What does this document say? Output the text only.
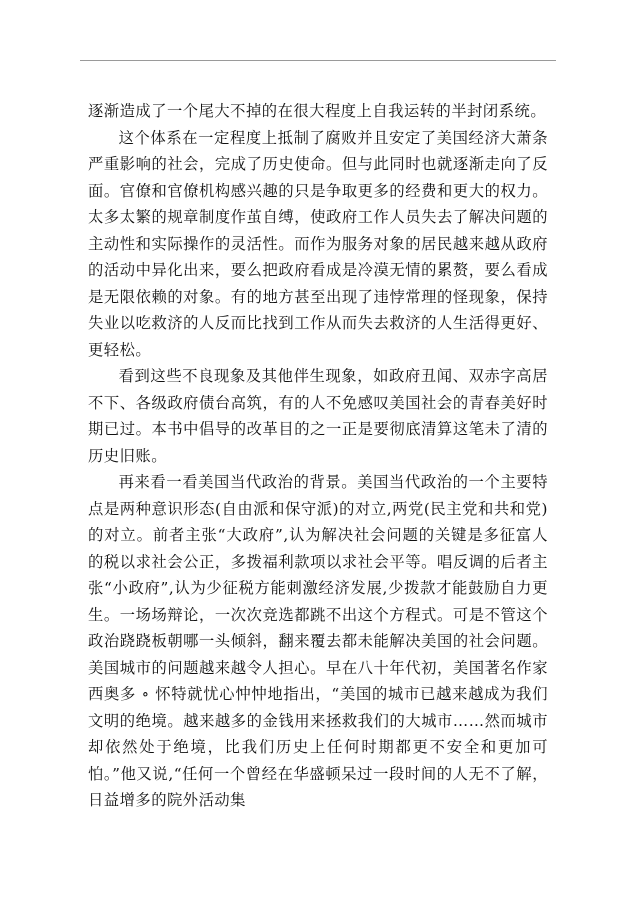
逐渐造成了一个尾大不掉的在很大程度上自我运转的半封闭系统。

这个体系在一定程度上抵制了腐败并且安定了美国经济大萧条严重影响的社会，完成了历史使命。但与此同时也就逐渐走向了反面。官僚和官僚机构感兴趣的只是争取更多的经费和更大的权力。太多太繁的规章制度作茧自缚，使政府工作人员失去了解决问题的主动性和实际操作的灵活性。而作为服务对象的居民越来越从政府的活动中异化出来，要么把政府看成是冷漠无情的累赘，要么看成是无限依赖的对象。有的地方甚至出现了违悖常理的怪现象，保持失业以吃救济的人反而比找到工作从而失去救济的人生活得更好、更轻松。

看到这些不良现象及其他伴生现象，如政府丑闻、双赤字高居不下、各级政府债台高筑，有的人不免感叹美国社会的青春美好时期已过。本书中倡导的改革目的之一正是要彻底清算这笔未了清的历史旧账。

再来看一看美国当代政治的背景。美国当代政治的一个主要特点是两种意识形态(自由派和保守派)的对立,两党(民主党和共和党)的对立。前者主张“大政府”,认为解决社会问题的关键是多征富人的税以求社会公正，多拨福利款项以求社会平等。唱反调的后者主张“小政府”,认为少征税方能刺激经济发展,少拨款才能鼓励自力更生。一场场辩论，一次次竞选都跳不出这个方程式。可是不管这个政治跷跷板朝哪一头倾斜，翻来覆去都未能解决美国的社会问题。美国城市的问题越来越令人担心。早在八十年代初，美国著名作家西奥多 ∘ 怀特就忧心忡忡地指出，“美国的城市已越来越成为我们文明的绝境。越来越多的金钱用来拯救我们的大城市……然而城市却依然处于绝境，比我们历史上任何时期都更不安全和更加可怕。”他又说,“任何一个曾经在华盛顿呆过一段时间的人无不了解，日益增多的院外活动集
